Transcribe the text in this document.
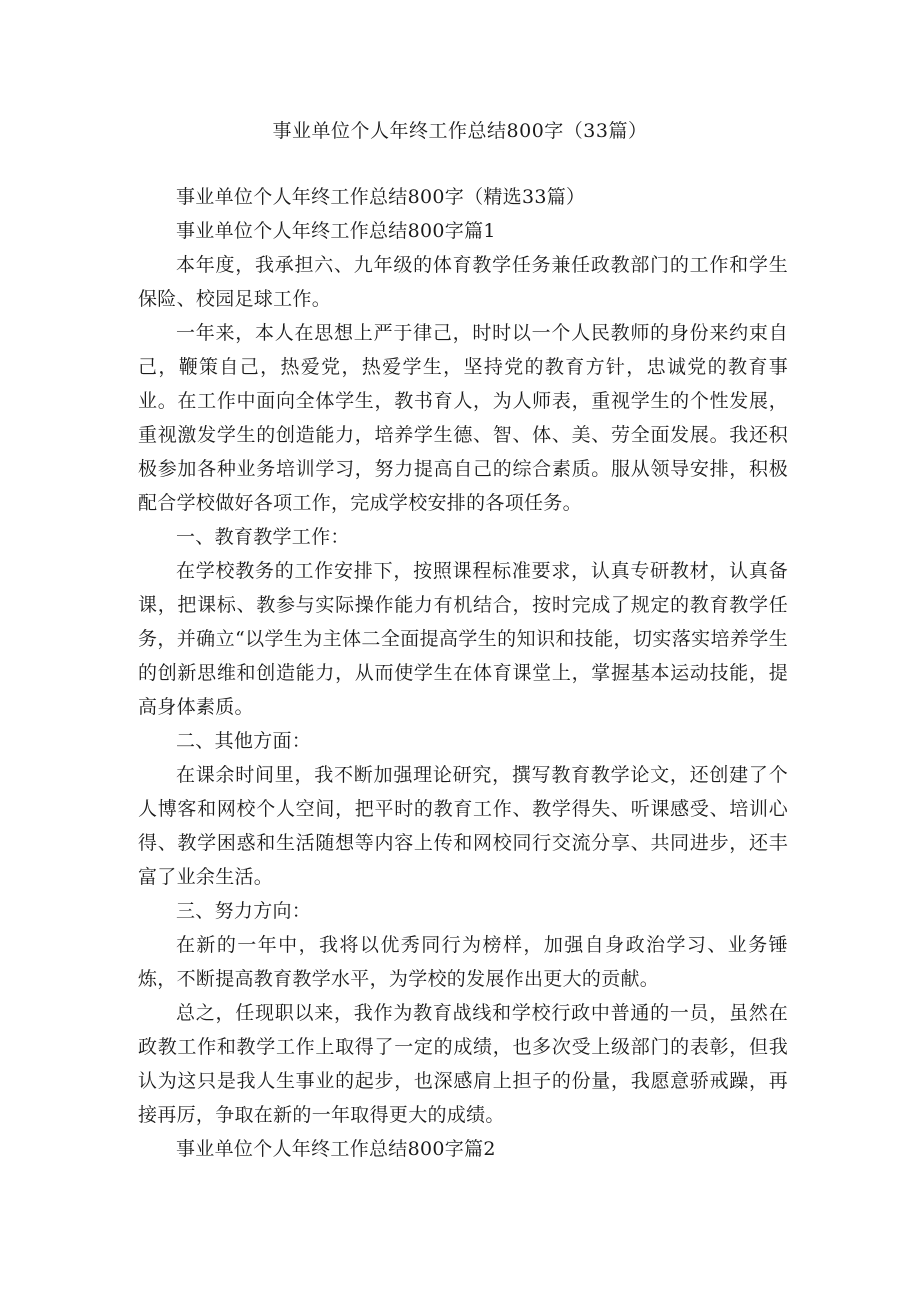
事业单位个人年终工作总结800字（33篇）

事业单位个人年终工作总结800字（精选33篇）

事业单位个人年终工作总结800字篇1

本年度，我承担六、九年级的体育教学任务兼任政教部门的工作和学生保险、校园足球工作。

一年来，本人在思想上严于律己，时时以一个人民教师的身份来约束自己，鞭策自己，热爱党，热爱学生，坚持党的教育方针，忠诚党的教育事业。在工作中面向全体学生，教书育人，为人师表，重视学生的个性发展，重视激发学生的创造能力，培养学生德、智、体、美、劳全面发展。我还积极参加各种业务培训学习，努力提高自己的综合素质。服从领导安排，积极配合学校做好各项工作，完成学校安排的各项任务。

一、教育教学工作：

在学校教务的工作安排下，按照课程标准要求，认真专研教材，认真备课，把课标、教参与实际操作能力有机结合，按时完成了规定的教育教学任务，并确立“以学生为主体二全面提高学生的知识和技能，切实落实培养学生的创新思维和创造能力，从而使学生在体育课堂上，掌握基本运动技能，提高身体素质。

二、其他方面：

在课余时间里，我不断加强理论研究，撰写教育教学论文，还创建了个人博客和网校个人空间，把平时的教育工作、教学得失、听课感受、培训心得、教学困惑和生活随想等内容上传和网校同行交流分享、共同进步，还丰富了业余生活。

三、努力方向：

在新的一年中，我将以优秀同行为榜样，加强自身政治学习、业务锤炼，不断提高教育教学水平，为学校的发展作出更大的贡献。

总之，任现职以来，我作为教育战线和学校行政中普通的一员，虽然在政教工作和教学工作上取得了一定的成绩，也多次受上级部门的表彰，但我认为这只是我人生事业的起步，也深感肩上担子的份量，我愿意骄戒躁，再接再厉，争取在新的一年取得更大的成绩。

事业单位个人年终工作总结800字篇2
